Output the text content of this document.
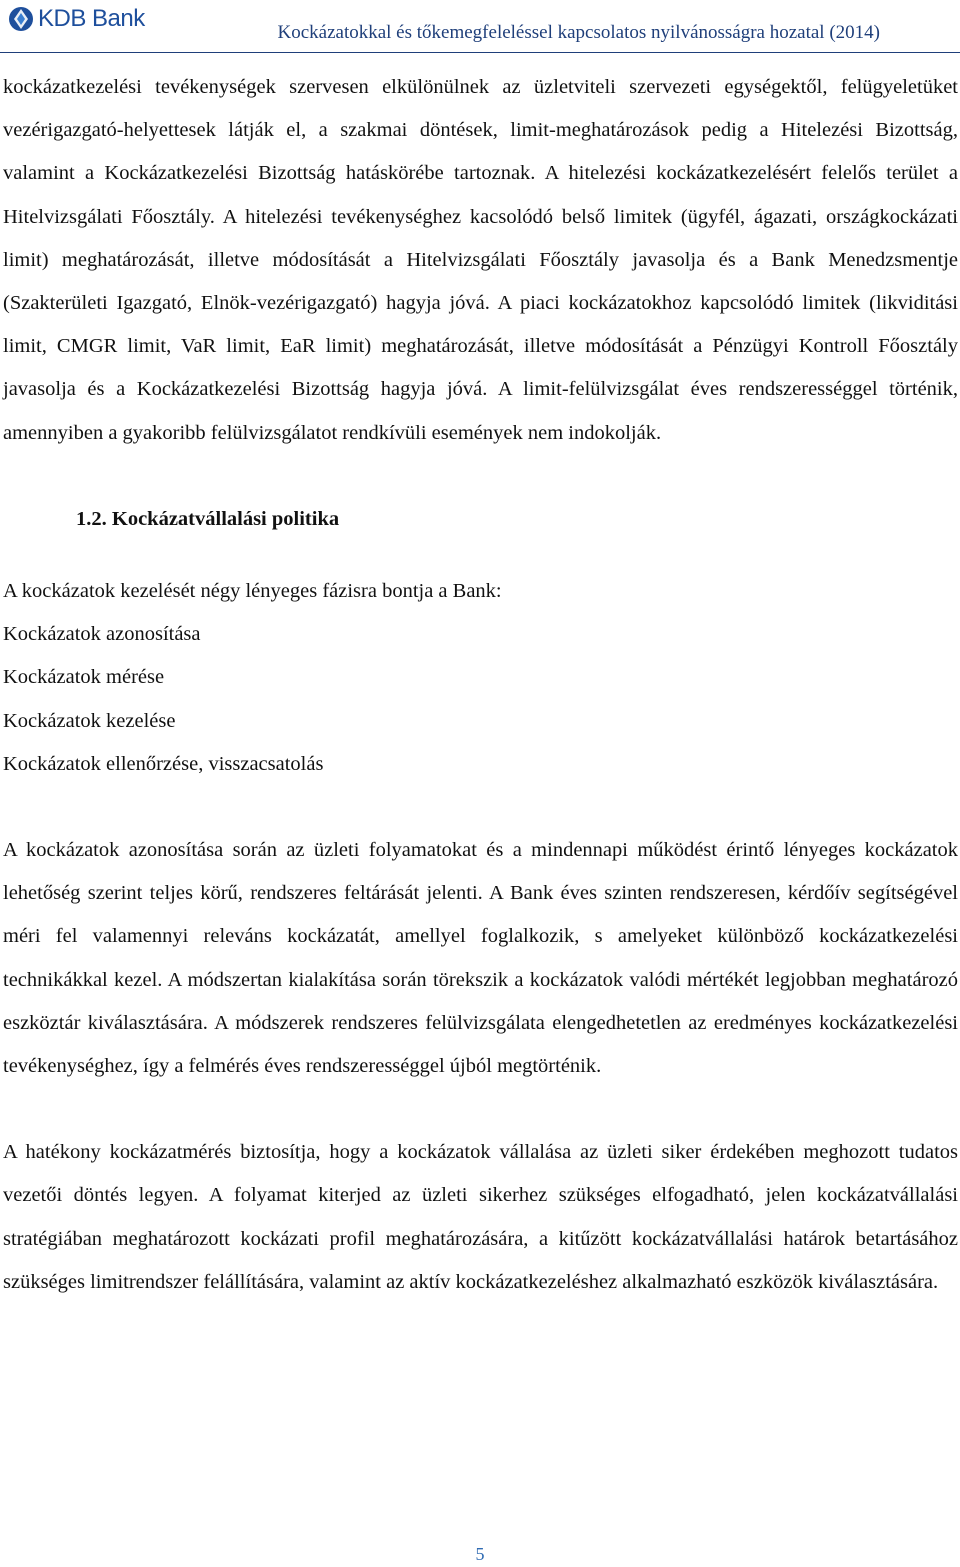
KDB Bank
Kockázatokkal és tőkemegfeleléssel kapcsolatos nyilvánosságra hozatal (2014)

kockázatkezelési tevékenységek szervesen elkülönülnek az üzletviteli szervezeti egységektől, felügyeletüket vezérigazgató-helyettesek látják el, a szakmai döntések, limit-meghatározások pedig a Hitelezési Bizottság, valamint a Kockázatkezelési Bizottság hatáskörébe tartoznak. A hitelezési kockázatkezelésért felelős terület a Hitelvizsgálati Főosztály. A hitelezési tevékenységhez kacsolódó belső limitek (ügyfél, ágazati, országkockázati limit) meghatározását, illetve módosítását a Hitelvizsgálati Főosztály javasolja és a Bank Menedzsmentje (Szakterületi Igazgató, Elnök-vezérigazgató) hagyja jóvá. A piaci kockázatokhoz kapcsolódó limitek (likviditási limit, CMGR limit, VaR limit, EaR limit) meghatározását, illetve módosítását a Pénzügyi Kontroll Főosztály javasolja és a Kockázatkezelési Bizottság hagyja jóvá. A limit-felülvizsgálat éves rendszerességgel történik, amennyiben a gyakoribb felülvizsgálatot rendkívüli események nem indokolják.

1.2. Kockázatvállalási politika

A kockázatok kezelését négy lényeges fázisra bontja a Bank:

Kockázatok azonosítása

Kockázatok mérése

Kockázatok kezelése

Kockázatok ellenőrzése, visszacsatolás

A kockázatok azonosítása során az üzleti folyamatokat és a mindennapi működést érintő lényeges kockázatok lehetőség szerint teljes körű, rendszeres feltárását jelenti. A Bank éves szinten rendszeresen, kérdőív segítségével méri fel valamennyi releváns kockázatát, amellyel foglalkozik, s amelyeket különböző kockázatkezelési technikákkal kezel. A módszertan kialakítása során törekszik a kockázatok valódi mértékét legjobban meghatározó eszköztár kiválasztására. A módszerek rendszeres felülvizsgálata elengedhetetlen az eredményes kockázatkezelési tevékenységhez, így a felmérés éves rendszerességgel újból megtörténik.

A hatékony kockázatmérés biztosítja, hogy a kockázatok vállalása az üzleti siker érdekében meghozott tudatos vezetői döntés legyen. A folyamat kiterjed az üzleti sikerhez szükséges elfogadható, jelen kockázatvállalási stratégiában meghatározott kockázati profil meghatározására, a kitűzött kockázatvállalási határok betartásához szükséges limitrendszer felállítására, valamint az aktív kockázatkezeléshez alkalmazható eszközök kiválasztására.

5
